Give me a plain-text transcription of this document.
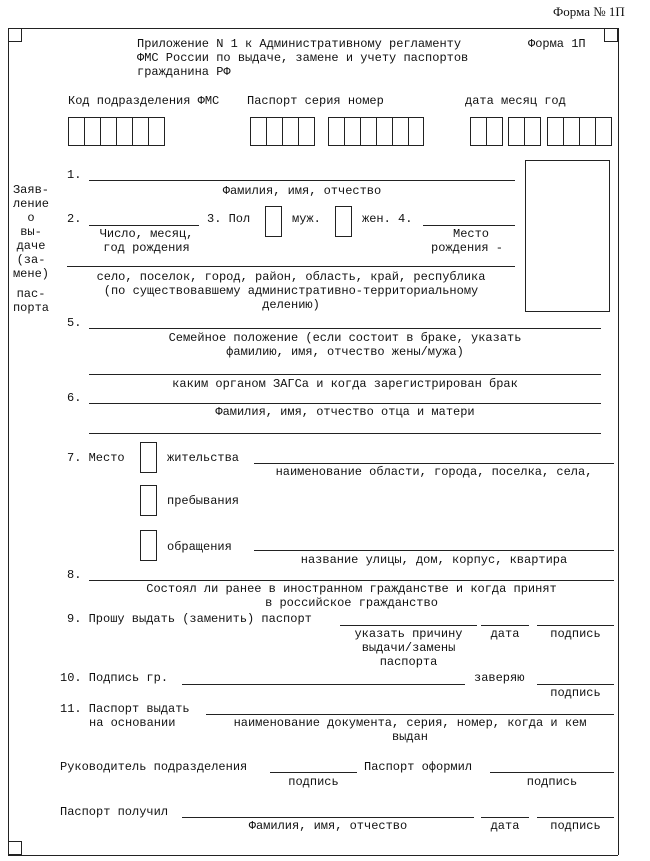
Форма № 1П
Приложение N 1 к Административному регламенту
ФМС России по выдаче, замене и учету паспортов
гражданина РФ
Форма 1П
Код подразделения ФМС Паспорт серия номер	дата месяц год
Заяв-
ление
о
вы-
даче
(за-
мене)
пас-
порта
1.
Фамилия, имя, отчество
2.
Число, месяц,
год рождения
3. Пол	муж.	жен. 4.
Место
рождения -
село, поселок, город, район, область, край, республика
(по существовавшему административно-территориальному
делению)
5.
Семейное положение (если состоит в браке, указать
фамилию, имя, отчество жены/мужа)
каким органом ЗАГСа и когда зарегистрирован брак
6.
Фамилия, имя, отчество отца и матери
7. Место	жительства
наименование области, города, поселка, села,
пребывания
обращения
название улицы, дом, корпус, квартира
8.
Состоял ли ранее в иностранном гражданстве и когда принят
в российское гражданство
9. Прошу выдать (заменить) паспорт
указать причину
выдачи/замены
паспорта
дата	подпись
10. Подпись гр.	заверяю
подпись
11. Паспорт выдать
на основании	наименование документа, серия, номер, когда и кем
выдан
Руководитель подразделения
подпись
Паспорт оформил
подпись
Паспорт получил
Фамилия, имя, отчество	дата	подпись
